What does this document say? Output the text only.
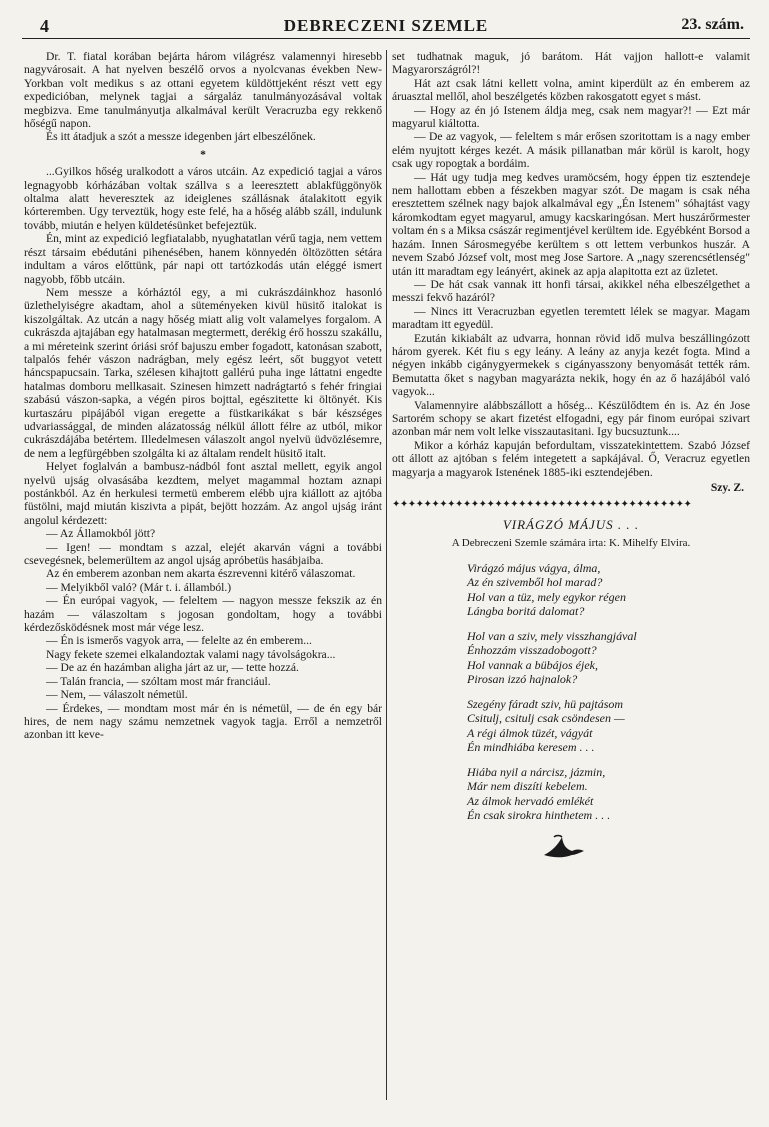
4	DEBRECZENI SZEMLE	23. szám.

Dr. T. fiatal korában bejárta három világrész valamennyi hiresebb nagyvárosait. A hat nyelven beszélő orvos a nyolcvanas években New-Yorkban volt medikus s az ottani egyetem küldöttjeként részt vett egy expedicióban, melynek tagjai a sárgaláz tanulmányozásával voltak megbizva. Eme tanulmányutja alkalmával került Veracruzba egy rekkenő hőségű napon.

És itt átadjuk a szót a messze idegenben járt elbeszélőnek.

*

...Gyilkos hőség uralkodott a város utcáin. Az expedició tagjai a város legnagyobb kórházában voltak szállva s a leeresztett ablakfüggönyök oltalma alatt heveresztek az ideiglenes szállásnak átalakitott egyik kórteremben. Ugy terveztük, hogy este felé, ha a hőség alább száll, indulunk tovább, miután e helyen küldetésünket befejeztük.

Én, mint az expedició legfiatalabb, nyughatatlan vérű tagja, nem vettem részt társaim ebédutáni pihenésében, hanem könnyedén öltözötten sétára indultam a város előttünk, pár napi ott tartózkodás után eléggé ismert nagyobb, főbb utcáin.

Nem messze a kórháztól egy, a mi cukrászdáinkhoz hasonló üzlethelyiségre akadtam, ahol a süteményeken kivül hüsitő italokat is kiszolgáltak. Az utcán a nagy hőség miatt alig volt valamelyes forgalom. A cukrászda ajtajában egy hatalmasan megtermett, derékig érő hosszu szakállu, a mi méreteink szerint óriási sróf bajuszu ember fogadott, katonásan szabott, talpalós fehér vászon nadrágban, mely egész leért, sőt buggyot vetett háncspapucsain. Tarka, szélesen kihajtott gallérú puha inge láttatni engedte hatalmas domboru mellkasait. Szinesen himzett nadrágtartó s fehér fringiai szabású vászon-sapka, a végén piros bojttal, egészitette ki öltönyét. Kis kurtaszáru pipájából vigan eregette a füstkarikákat s bár készséges udvariassággal, de minden alázatosság nélkül állott félre az utból, mikor cukrászdájába betértem. Illedelmesen válaszolt angol nyelvü üdvözlésemre, de nem a legfürgébben szolgálta ki az általam rendelt hüsitő italt.

Helyet foglalván a bambusz-nádból font asztal mellett, egyik angol nyelvü ujság olvasásába kezdtem, melyet magammal hoztam aznapi postánkból. Az én herkulesi termetü emberem elébb ujra kiállott az ajtóba füstölni, majd miután kiszivta a pipát, bejött hozzám. Az angol ujság iránt angolul kérdezett:

— Az Államokból jött?

— Igen! — mondtam s azzal, elejét akarván vágni a további csevegésnek, belemerültem az angol ujság apróbetüs hasábjaiba.

Az én emberem azonban nem akarta észrevenni kitérő válaszomat.

— Melyikből való? (Már t. i. államból.)

— Én európai vagyok, — feleltem — nagyon messze fekszik az én hazám — válaszoltam s jogosan gondoltam, hogy a további kérdezősködésnek most már vége lesz.

— Én is ismerős vagyok arra, — felelte az én emberem...

Nagy fekete szemei elkalandoztak valami nagy távolságokra...

— De az én hazámban aligha járt az ur, — tette hozzá.

— Talán francia, — szóltam most már franciául.

— Nem, — válaszolt németül.

— Érdekes, — mondtam most már én is németül, — de én egy bár hires, de nem nagy számu nemzetnek vagyok tagja. Erről a nemzetről azonban itt keve-

set tudhatnak maguk, jó barátom. Hát vajjon hallott-e valamit Magyarországról?!

Hát azt csak látni kellett volna, amint kiperdült az én emberem az áruasztal mellől, ahol beszélgetés közben rakosgatott egyet s mást.

— Hogy az én jó Istenem áldja meg, csak nem magyar?! — Ezt már magyarul kiáltotta.

— De az vagyok, — feleltem s már erősen szoritottam is a nagy ember elém nyujtott kérges kezét. A másik pillanatban már körül is karolt, hogy csak ugy ropogtak a bordáim.

— Hát ugy tudja meg kedves uramöcsém, hogy éppen tiz esztendeje nem hallottam ebben a fészekben magyar szót. De magam is csak néha eresztettem szélnek nagy bajok alkalmával egy „Én Istenem" sóhajtást vagy káromkodtam egyet magyarul, amugy kacskaringósan. Mert huszárőrmester voltam én s a Miksa császár regimentjével kerültem ide. Egyébként Borsod a hazám. Innen Sárosmegyébe kerültem s ott lettem verbunkos huszár. A nevem Szabó József volt, most meg Jose Sartore. A „nagy szerencsétlenség" után itt maradtam egy leányért, akinek az apja alapitotta ezt az üzletet.

— De hát csak vannak itt honfi társai, akikkel néha elbeszélgethet a messzi fekvő hazáról?

— Nincs itt Veracruzban egyetlen teremtett lélek se magyar. Magam maradtam itt egyedül.

Ezután kikiabált az udvarra, honnan rövid idő mulva beszállingózott három gyerek. Két fiu s egy leány. A leány az anyja kezét fogta. Mind a négyen inkább cigánygyermekek s cigányasszony benyomását tették rám. Bemutatta őket s nagyban magyarázta nekik, hogy én az ő hazájából való vagyok...

Valamennyire alábbszállott a hőség... Készülődtem én is. Az én Jose Sartorém schopy se akart fizetést elfogadni, egy pár finom európai szivart azonban már nem volt lelke visszautasitani. Igy bucsuztunk....

Mikor a kórház kapuján befordultam, visszatekintettem. Szabó József ott állott az ajtóban s felém integetett a sapkájával. Ő, Veracruz egyetlen magyarja a magyarok Istenének 1885-iki esztendejében.

Szy. Z.
✦✦✦✦✦✦✦✦✦✦✦✦✦✦✦✦✦✦✦✦✦✦✦✦✦✦✦✦✦✦✦✦✦✦✦✦✦✦
VIRÁGZÓ MÁJUS . . .
A Debreczeni Szemle számára irta: K. Mihelfy Elvira.
Virágzó május vágya, álma,
Az én szivemből hol marad?
Hol van a tüz, mely egykor régen
Lángba boritá dalomat?
Hol van a sziv, mely visszhangjával
Énhozzám visszadobogott?
Hol vannak a bübájos éjek,
Pirosan izzó hajnalok?
Szegény fáradt sziv, hü pajtásom
Csitulj, csitulj csak csöndesen —
A régi álmok tüzét, vágyát
Én mindhiába keresem . . .
Hiába nyil a nárcisz, jázmin,
Már nem diszíti kebelem.
Az álmok hervadó emlékét
Én csak sirokra hinthetem . . .
